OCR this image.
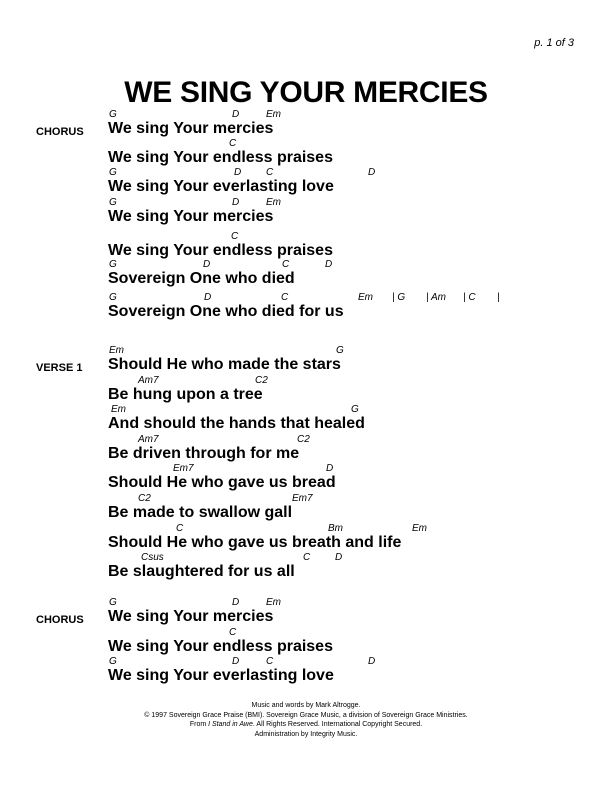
p. 1 of 3
WE SING YOUR MERCIES
CHORUS
G	D	Em
We sing Your mercies
C
We sing Your endless praises
G	D C	D
We sing Your everlasting love
G	D	Em
We sing Your mercies
C
We sing Your endless praises
G	D	C	D
Sovereign One who died
G	D	C	Em | G | Am | C |
Sovereign One who died for us
VERSE 1
Em	G
Should He who made the stars
Am7	C2
Be hung upon a tree
Em	G
And should the hands that healed
Am7	C2
Be driven through for me
Em7	D
Should He who gave us bread
C2	Em7
Be made to swallow gall
C	Bm	Em
Should He who gave us breath and life
Csus	C D
Be slaughtered for us all
CHORUS
G	D	Em
We sing Your mercies
C
We sing Your endless praises
G	D	C	D
We sing Your everlasting love
Music and words by Mark Altrogge.
© 1997 Sovereign Grace Praise (BMI). Sovereign Grace Music, a division of Sovereign Grace Ministries.
From I Stand in Awe. All Rights Reserved. International Copyright Secured.
Administration by Integrity Music.
